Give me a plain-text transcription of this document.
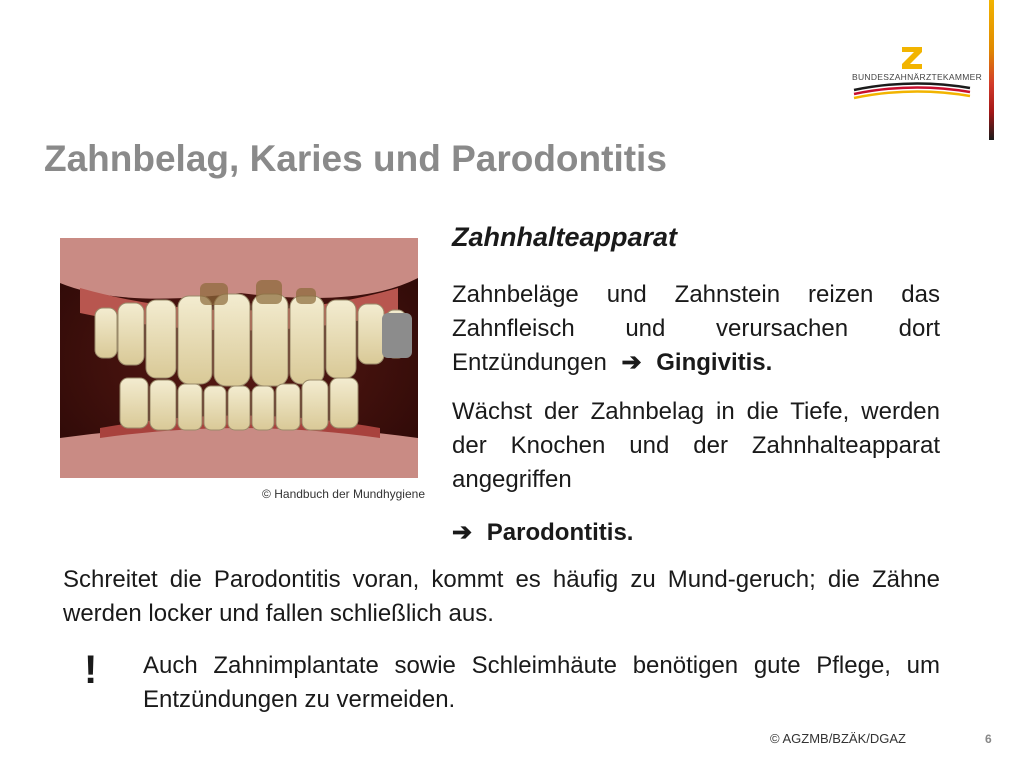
BUNDESZAHNÄRZTEKAMMER
Zahnbelag, Karies und Parodontitis
© Handbuch der Mundhygiene
Zahnhalteapparat
Zahnbeläge und Zahnstein reizen das Zahnfleisch und verursachen dort Entzündungen ➔ Gingivitis.
Wächst der Zahnbelag in die Tiefe, werden der Knochen und der Zahnhalteapparat angegriffen
➔ Parodontitis.
Schreitet die Parodontitis voran, kommt es häufig zu Mund-geruch; die Zähne werden locker und fallen schließlich aus.
! Auch Zahnimplantate sowie Schleimhäute benötigen gute Pflege, um Entzündungen zu vermeiden.
© AGZMB/BZÄK/DGAZ	6
